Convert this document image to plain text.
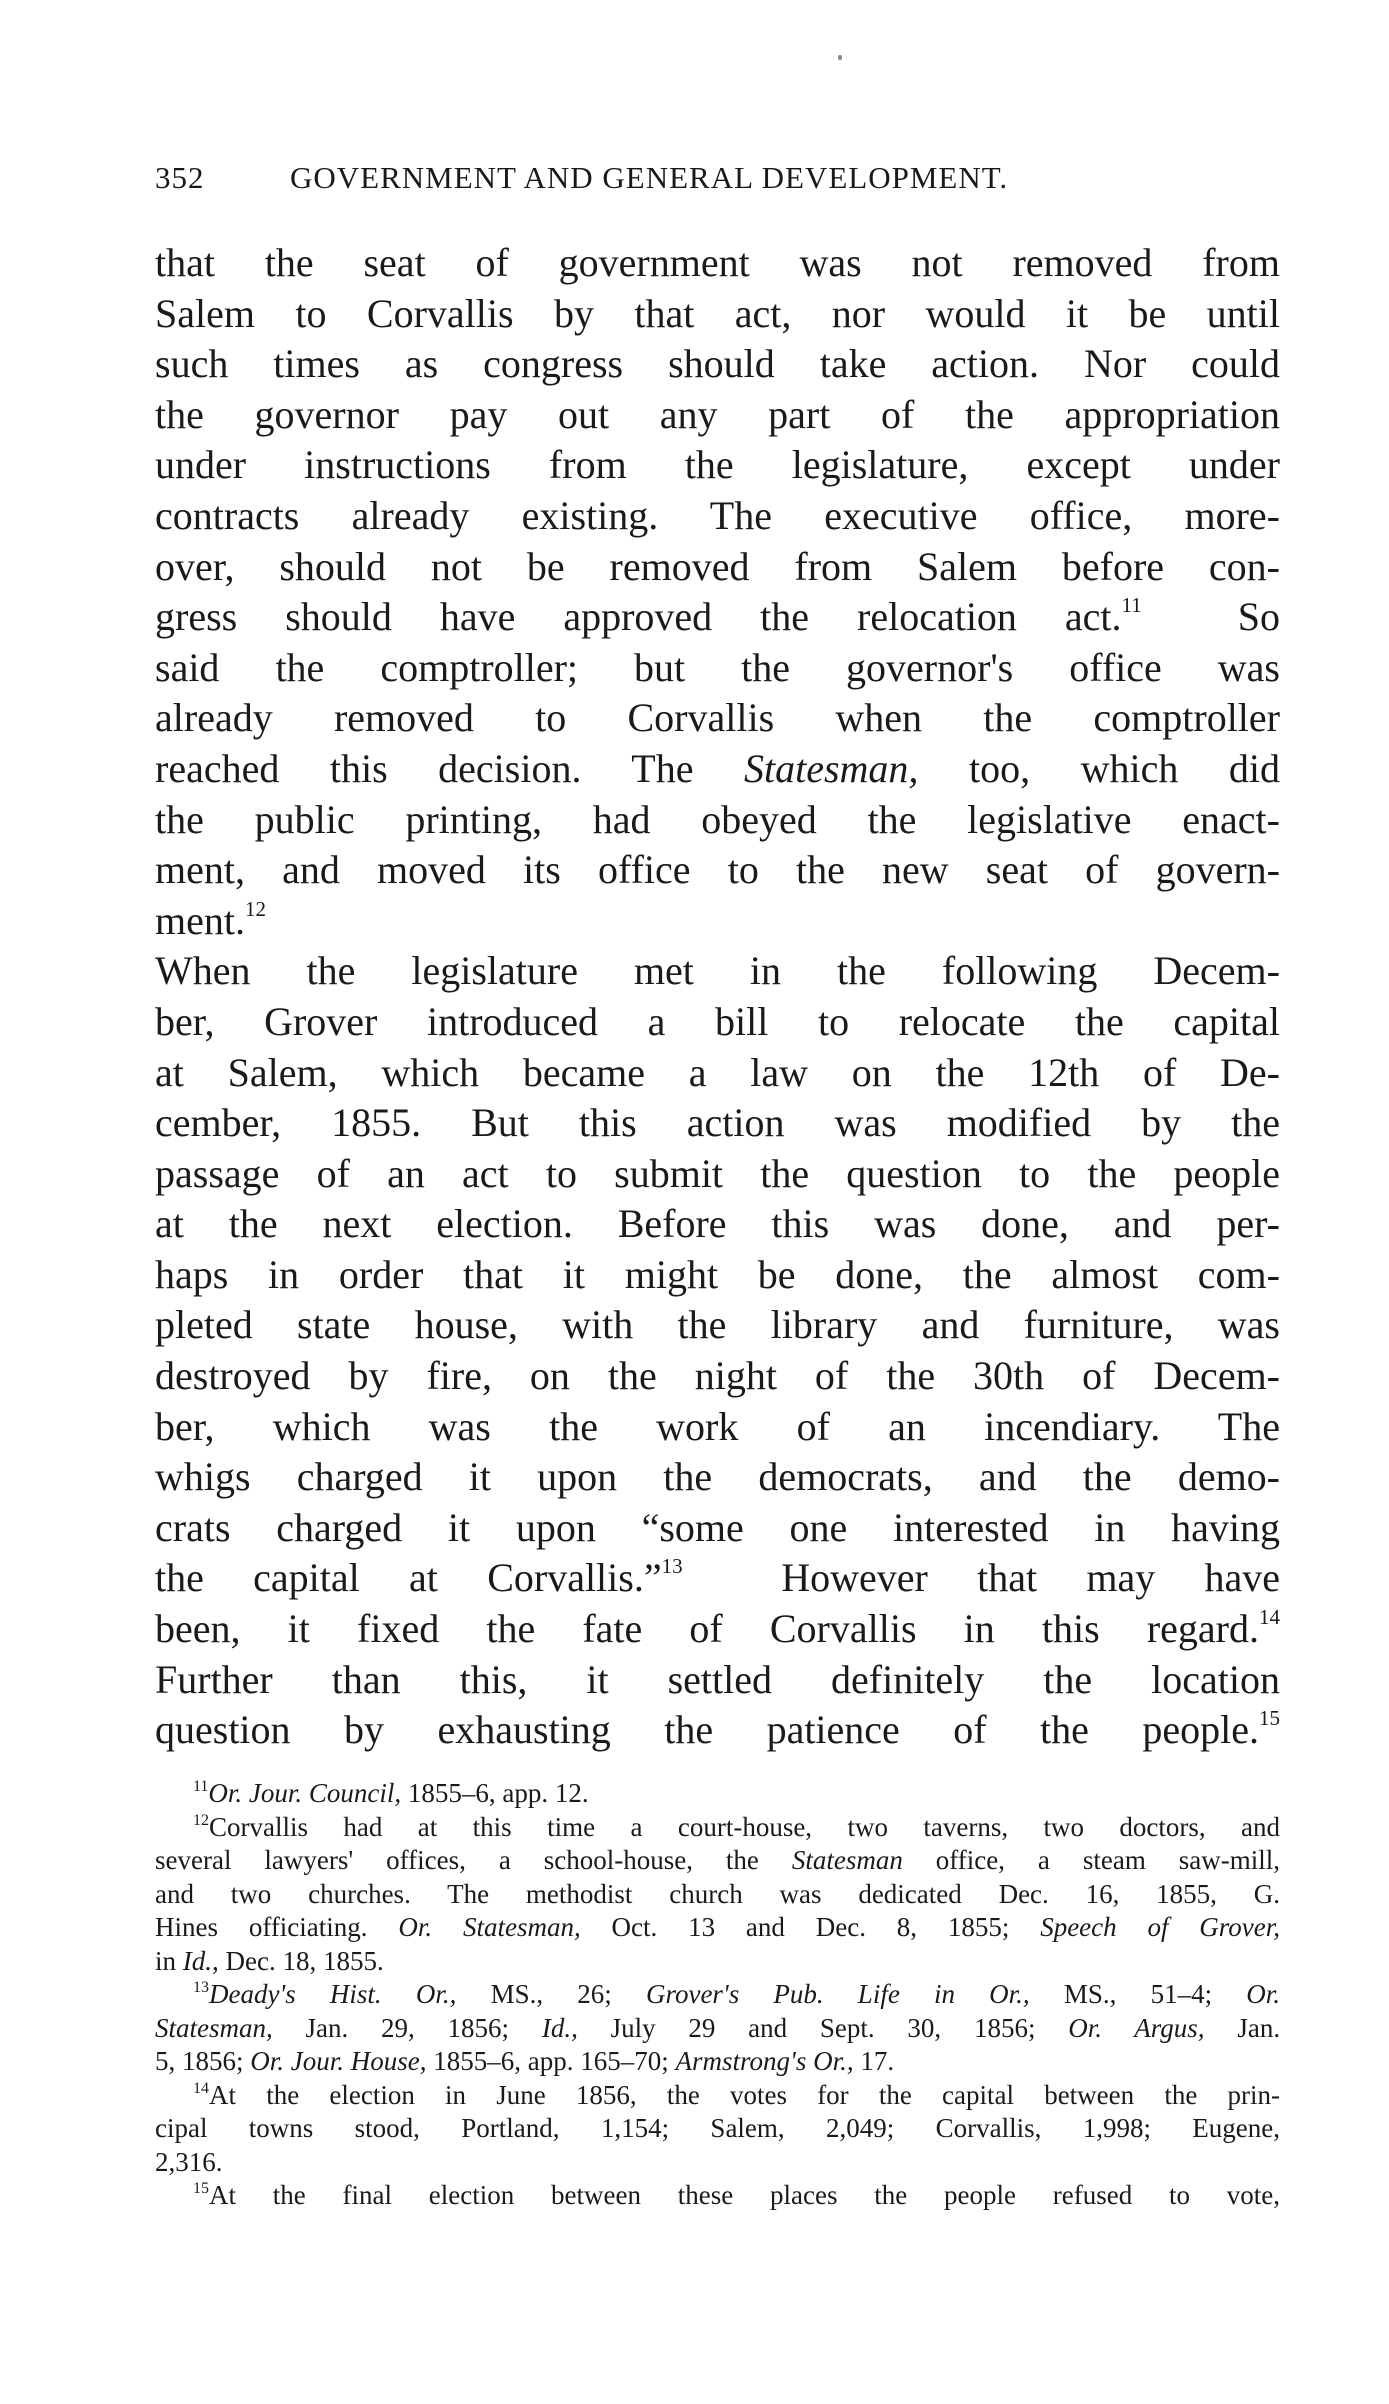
352	GOVERNMENT AND GENERAL DEVELOPMENT.
that the seat of government was not removed from
Salem to Corvallis by that act, nor would it be until
such times as congress should take action. Nor could
the governor pay out any part of the appropriation
under instructions from the legislature, except under
contracts already existing. The executive office, more-
over, should not be removed from Salem before con-
gress should have approved the relocation act.$^{11}$ So
said the comptroller; but the governor's office was
already removed to Corvallis when the comptroller
reached this decision. The Statesman, too, which did
the public printing, had obeyed the legislative enact-
ment, and moved its office to the new seat of govern-
ment.$^{12}$
When the legislature met in the following Decem-
ber, Grover introduced a bill to relocate the capital
at Salem, which became a law on the 12th of De-
cember, 1855. But this action was modified by the
passage of an act to submit the question to the people
at the next election. Before this was done, and per-
haps in order that it might be done, the almost com-
pleted state house, with the library and furniture, was
destroyed by fire, on the night of the 30th of Decem-
ber, which was the work of an incendiary. The
whigs charged it upon the democrats, and the demo-
crats charged it upon “some one interested in having
the capital at Corvallis.”$^{13}$ However that may have
been, it fixed the fate of Corvallis in this regard.$^{14}$
Further than this, it settled definitely the location
question by exhausting the patience of the people.$^{15}$
$^{11}$Or. Jour. Council, 1855–6, app. 12.
$^{12}$Corvallis had at this time a court-house, two taverns, two doctors, and
several lawyers' offices, a school-house, the Statesman office, a steam saw-mill,
and two churches. The methodist church was dedicated Dec. 16, 1855, G.
Hines officiating. Or. Statesman, Oct. 13 and Dec. 8, 1855; Speech of Grover,
in Id., Dec. 18, 1855.
$^{13}$Deady's Hist. Or., MS., 26; Grover's Pub. Life in Or., MS., 51–4; Or.
Statesman, Jan. 29, 1856; Id., July 29 and Sept. 30, 1856; Or. Argus, Jan.
5, 1856; Or. Jour. House, 1855–6, app. 165–70; Armstrong's Or., 17.
$^{14}$At the election in June 1856, the votes for the capital between the prin-
cipal towns stood, Portland, 1,154; Salem, 2,049; Corvallis, 1,998; Eugene,
2,316.
$^{15}$At the final election between these places the people refused to vote,
